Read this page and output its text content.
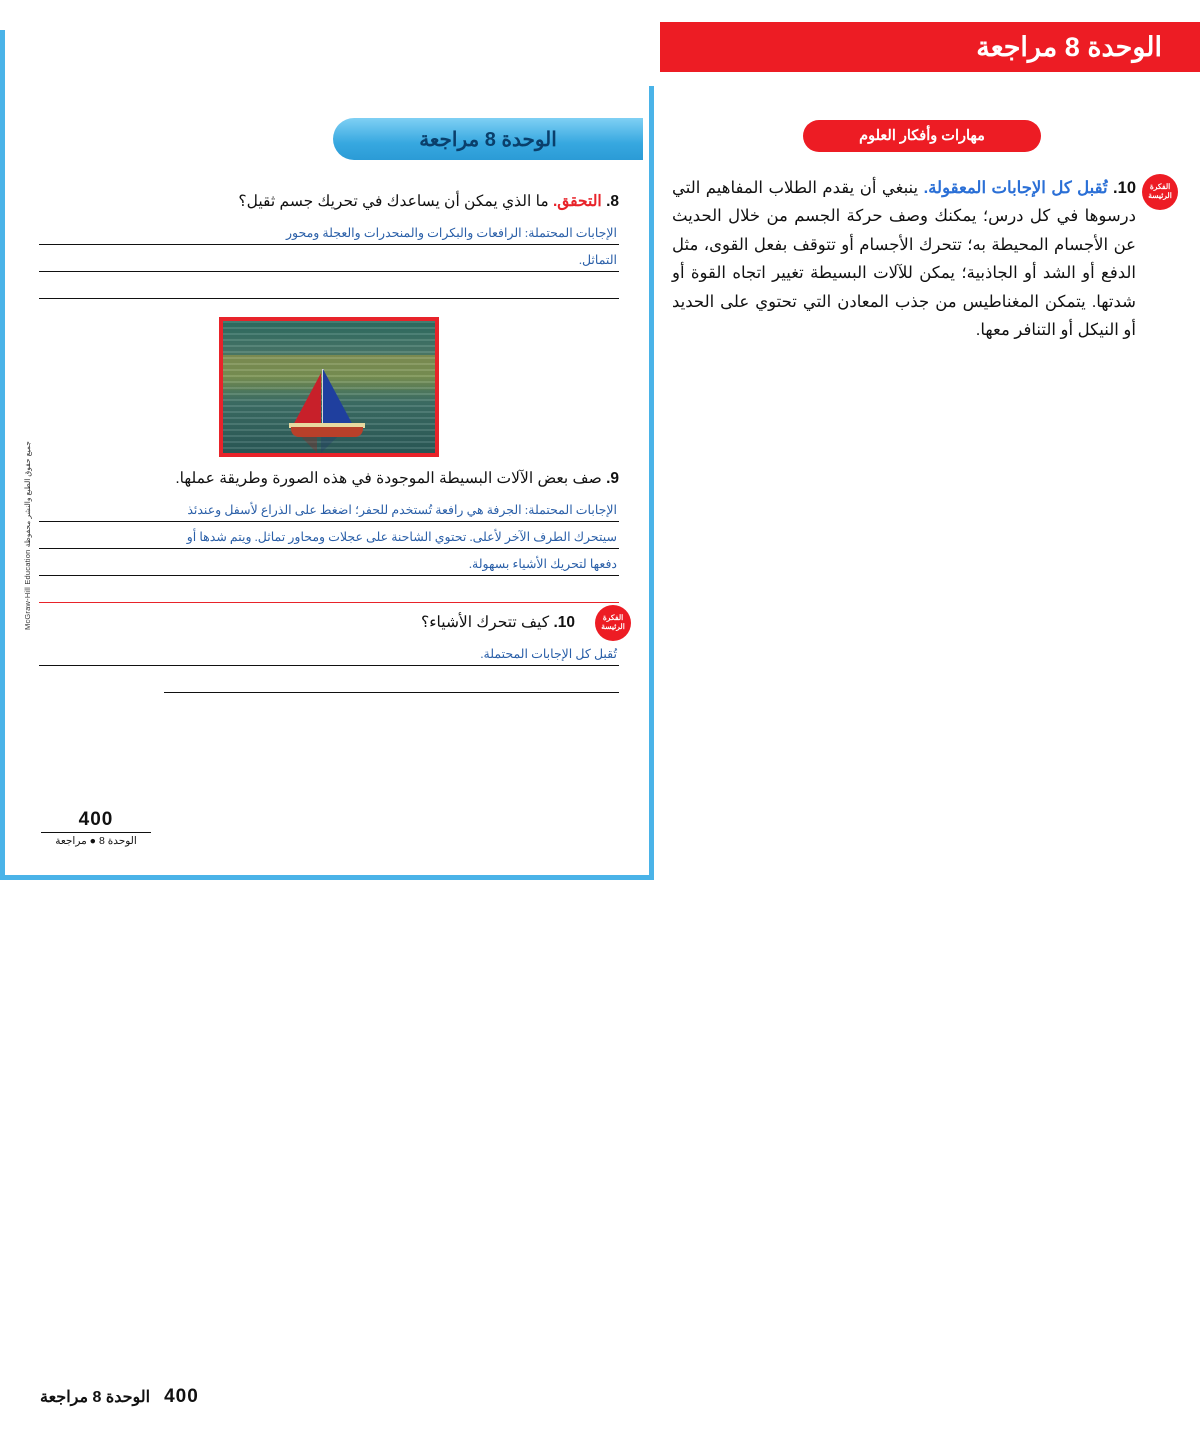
الوحدة 8 مراجعة
الوحدة 8 مراجعة
8. التحقق. ما الذي يمكن أن يساعدك في تحريك جسم ثقيل؟
الإجابات المحتملة: الرافعات والبكرات والمنحدرات والعجلة ومحور
التماثل.
9. صف بعض الآلات البسيطة الموجودة في هذه الصورة وطريقة عملها.
الإجابات المحتملة: الجرفة هي رافعة تُستخدم للحفر؛ اضغط على الذراع لأسفل وعندئذ
سيتحرك الطرف الآخر لأعلى. تحتوي الشاحنة على عجلات ومحاور تماثل. ويتم شدها أو
دفعها لتحريك الأشياء بسهولة.
الفكرة
الرئيسة
10. كيف تتحرك الأشياء؟
تُقبل كل الإجابات المحتملة.
McGraw-Hill Education جميع حقوق الطبع والنشر محفوظة
400
الوحدة 8 ● مراجعة
مهارات وأفكار العلوم
الفكرة
الرئيسة
10. تُقبل كل الإجابات المعقولة. ينبغي أن يقدم الطلاب المفاهيم التي درسوها في كل درس؛ يمكنك وصف حركة الجسم من خلال الحديث عن الأجسام المحيطة به؛ تتحرك الأجسام أو تتوقف بفعل القوى، مثل الدفع أو الشد أو الجاذبية؛ يمكن للآلات البسيطة تغيير اتجاه القوة أو شدتها. يتمكن المغناطيس من جذب المعادن التي تحتوي على الحديد أو النيكل أو التنافر معها.
400
الوحدة 8 مراجعة
